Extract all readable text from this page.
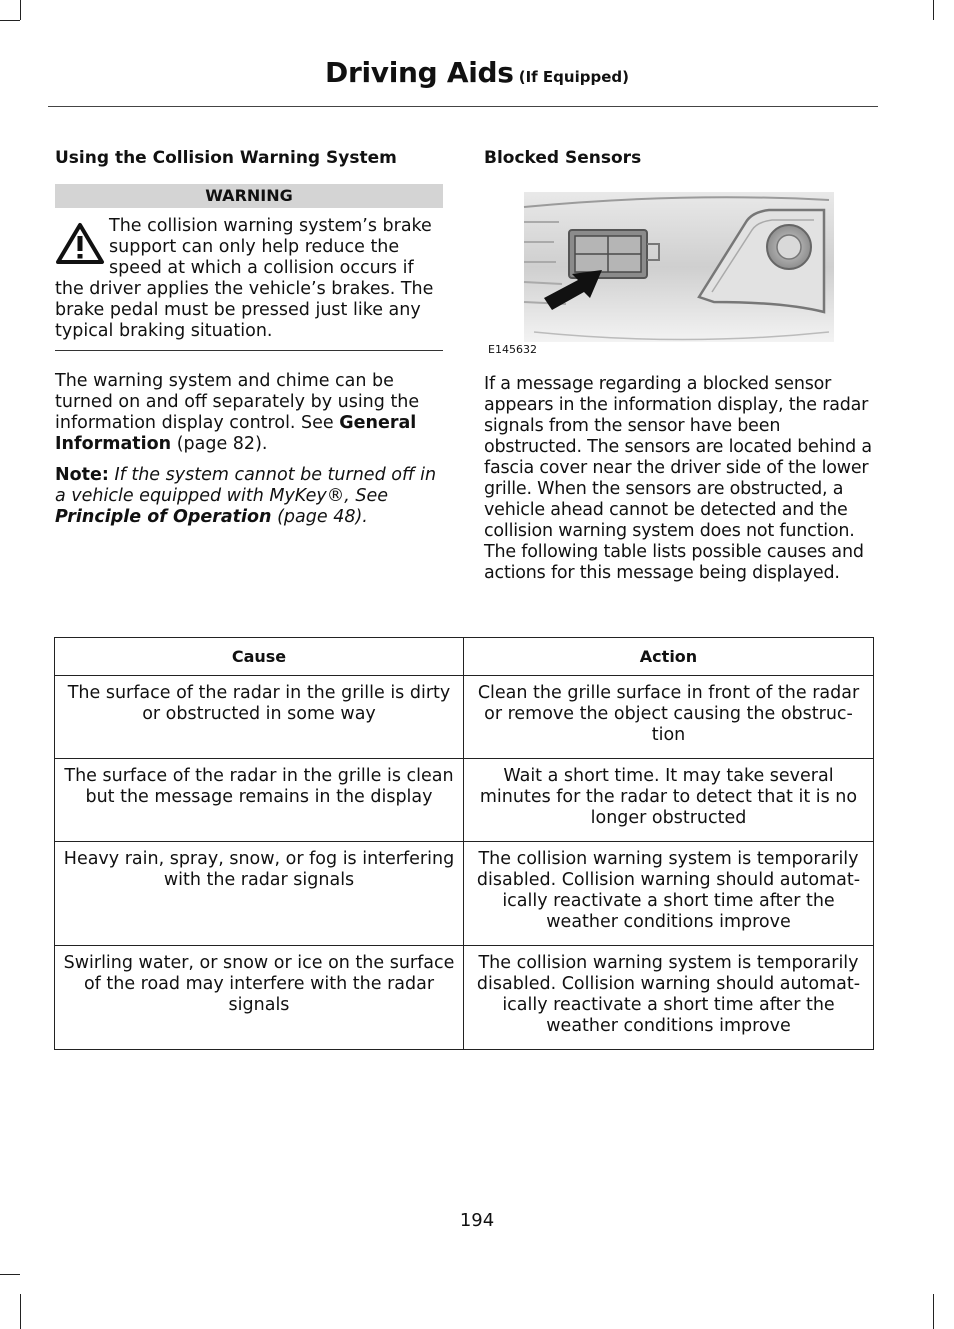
Driving Aids (If Equipped)
Using the Collision Warning System
WARNING
The collision warning system’s brake support can only help reduce the speed at which a collision occurs if the driver applies the vehicle’s brakes. The brake pedal must be pressed just like any typical braking situation.

The warning system and chime can be turned on and off separately by using the information display control. See General Information (page 82).

Note: If the system cannot be turned off in a vehicle equipped with MyKey®, See Principle of Operation (page 48).

Blocked Sensors
E145632

If a message regarding a blocked sensor appears in the information display, the radar signals from the sensor have been obstructed. The sensors are located behind a fascia cover near the driver side of the lower grille. When the sensors are obstructed, a vehicle ahead cannot be detected and the collision warning system does not function. The following table lists possible causes and actions for this message being displayed.

Cause	Action
The surface of the radar in the grille is dirty or obstructed in some way	Clean the grille surface in front of the radar or remove the object causing the obstruc-tion
The surface of the radar in the grille is clean but the message remains in the display	Wait a short time. It may take several minutes for the radar to detect that it is no longer obstructed
Heavy rain, spray, snow, or fog is interfering with the radar signals	The collision warning system is temporarily disabled. Collision warning should automat-ically reactivate a short time after the weather conditions improve
Swirling water, or snow or ice on the surface of the road may interfere with the radar signals	The collision warning system is temporarily disabled. Collision warning should automat-ically reactivate a short time after the weather conditions improve
194
